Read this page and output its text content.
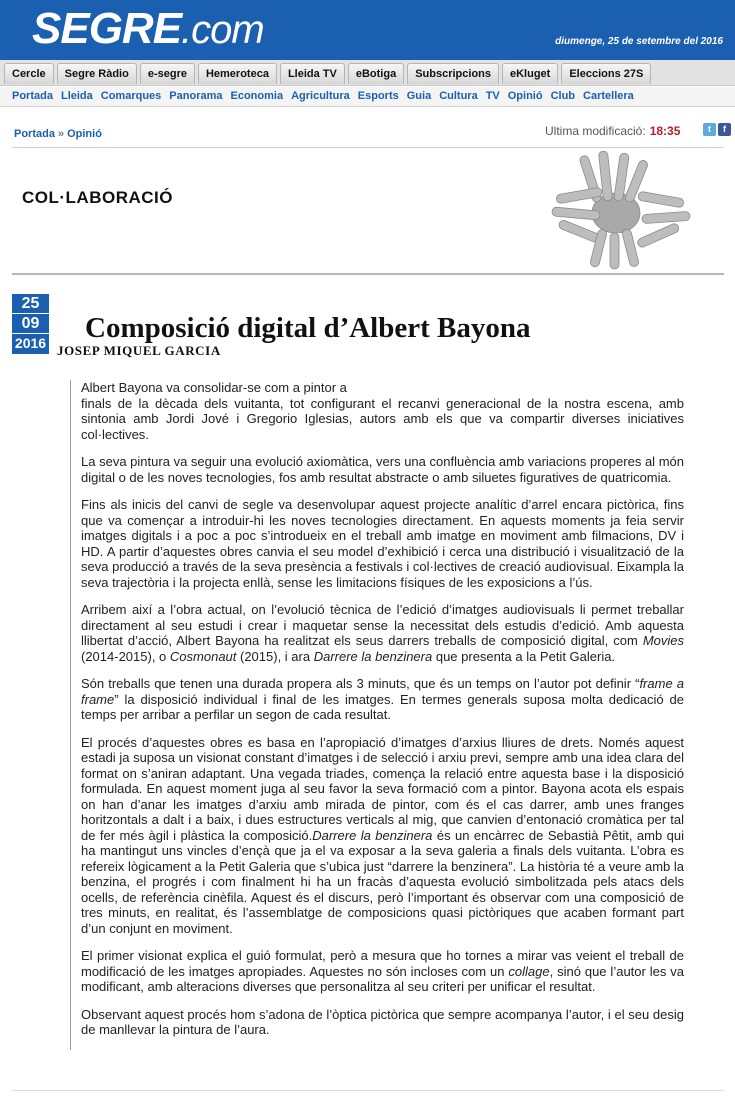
SEGRE.com	diumenge, 25 de setembre del 2016
Cercle	Segre Ràdio	e-segre	Hemeroteca	Lleida TV	eBotiga	Subscripcions	eKluget	Eleccions 27S
Portada Lleida Comarques Panorama Economia Agricultura Esports Guia Cultura TV Opinió Club Cartellera
Portada » Opinió	Ultima modificació: 18:35	t	f
COL·LABORACIÓ
25
09
2016 Composició digital d’Albert Bayona
JOSEP MIQUEL GARCIA

Albert Bayona va consolidar-se com a pintor a

finals de la dècada dels vuitanta, tot configurant el recanvi generacional de la nostra escena, amb sintonia amb Jordi Jové i Gregorio Iglesias, autors amb els que va compartir diverses iniciatives col·lectives.

La seva pintura va seguir una evolució axiomàtica, vers una confluència amb variacions properes al món digital o de les noves tecnologies, fos amb resultat abstracte o amb siluetes figuratives de quatricomia.

Fins als inicis del canvi de segle va desenvolupar aquest projecte analític d’arrel encara pictòrica, fins que va començar a introduir-hi les noves tecnologies directament. En aquests moments ja feia servir imatges digitals i a poc a poc s’introdueix en el treball amb imatge en moviment amb filmacions, DV i HD. A partir d’aquestes obres canvia el seu model d’exhibició i cerca una distribució i visualització de la seva producció a través de la seva presència a festivals i col·lectives de creació audiovisual. Eixampla la seva trajectòria i la projecta enllà, sense les limitacions físiques de les exposicions a l’ús.

Arribem així a l’obra actual, on l’evolució tècnica de l’edició d’imatges audiovisuals li permet treballar directament al seu estudi i crear i maquetar sense la necessitat dels estudis d’edició. Amb aquesta llibertat d’acció, Albert Bayona ha realitzat els seus darrers treballs de composició digital, com Movies (2014-2015), o Cosmonaut (2015), i ara Darrere la benzinera que presenta a la Petit Galeria.

Són treballs que tenen una durada propera als 3 minuts, que és un temps on l’autor pot definir “frame a frame” la disposició individual i final de les imatges. En termes generals suposa molta dedicació de temps per arribar a perfilar un segon de cada resultat.

El procés d’aquestes obres es basa en l’apropiació d’imatges d’arxius lliures de drets. Només aquest estadi ja suposa un visionat constant d’imatges i de selecció i arxiu previ, sempre amb una idea clara del format on s’aniran adaptant. Una vegada triades, comença la relació entre aquesta base i la disposició formulada. En aquest moment juga al seu favor la seva formació com a pintor. Bayona acota els espais on han d’anar les imatges d’arxiu amb mirada de pintor, com és el cas darrer, amb unes franges horitzontals a dalt i a baix, i dues estructures verticals al mig, que canvien d’entonació cromàtica per tal de fer més àgil i plàstica la composició.Darrere la benzinera és un encàrrec de Sebastià Pêtit, amb qui ha mantingut uns vincles d’ençà que ja el va exposar a la seva galeria a finals dels vuitanta. L’obra es refereix lògicament a la Petit Galeria que s’ubica just “darrere la benzinera”. La història té a veure amb la benzina, el progrés i com finalment hi ha un fracàs d’aquesta evolució simbolitzada pels atacs dels ocells, de referència cinèfila. Aquest és el discurs, però l’important és observar com una composició de tres minuts, en realitat, és l’assemblatge de composicions quasi pictòriques que acaben formant part d’un conjunt en moviment.

El primer visionat explica el guió formulat, però a mesura que ho tornes a mirar vas veient el treball de modificació de les imatges apropiades. Aquestes no són incloses com un collage, sinó que l’autor les va modificant, amb alteracions diverses que personalitza al seu criteri per unificar el resultat.

Observant aquest procés hom s’adona de l’òptica pictòrica que sempre acompanya l’autor, i el seu desig de manllevar la pintura de l’aura.
